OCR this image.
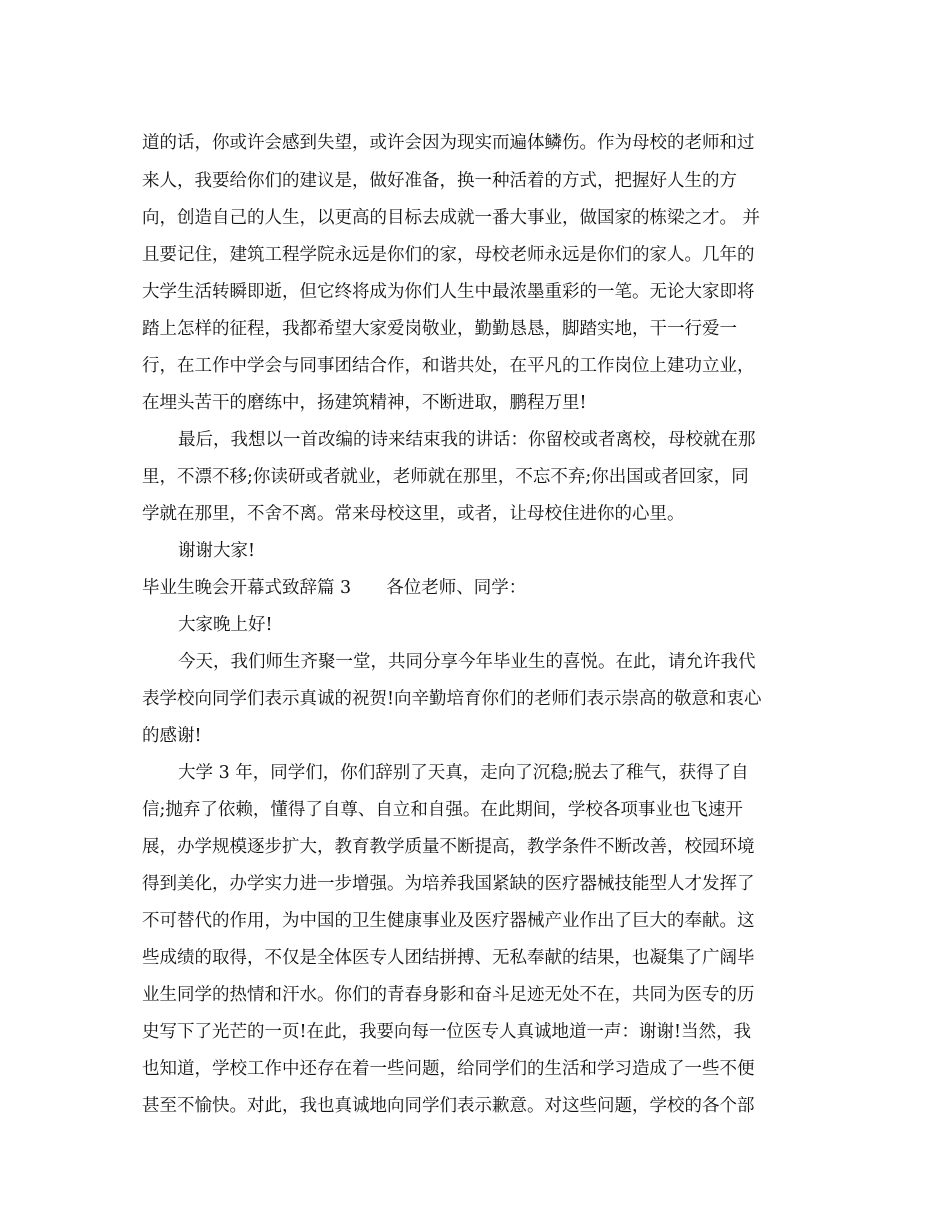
道的话，你或许会感到失望，或许会因为现实而遍体鳞伤。作为母校的老师和过
来人，我要给你们的建议是，做好准备，换一种活着的方式，把握好人生的方
向，创造自己的人生，以更高的目标去成就一番大事业，做国家的栋梁之才。 并
且要记住，建筑工程学院永远是你们的家，母校老师永远是你们的家人。几年的
大学生活转瞬即逝，但它终将成为你们人生中最浓墨重彩的一笔。无论大家即将
踏上怎样的征程，我都希望大家爱岗敬业，勤勤恳恳，脚踏实地，干一行爱一
行，在工作中学会与同事团结合作，和谐共处，在平凡的工作岗位上建功立业，
在埋头苦干的磨练中，扬建筑精神，不断进取，鹏程万里!
最后，我想以一首改编的诗来结束我的讲话：你留校或者离校，母校就在那
里，不漂不移;你读研或者就业，老师就在那里，不忘不弃;你出国或者回家，同
学就在那里，不舍不离。常来母校这里，或者，让母校住进你的心里。
谢谢大家!
毕业生晚会开幕式致辞篇 3　　各位老师、同学：
大家晚上好!
今天，我们师生齐聚一堂，共同分享今年毕业生的喜悦。在此，请允许我代
表学校向同学们表示真诚的祝贺!向辛勤培育你们的老师们表示崇高的敬意和衷心
的感谢!
大学 3 年，同学们，你们辞别了天真，走向了沉稳;脱去了稚气，获得了自
信;抛弃了依赖，懂得了自尊、自立和自强。在此期间，学校各项事业也飞速开
展，办学规模逐步扩大，教育教学质量不断提高，教学条件不断改善，校园环境
得到美化，办学实力进一步增强。为培养我国紧缺的医疗器械技能型人才发挥了
不可替代的作用，为中国的卫生健康事业及医疗器械产业作出了巨大的奉献。这
些成绩的取得，不仅是全体医专人团结拼搏、无私奉献的结果，也凝集了广阔毕
业生同学的热情和汗水。你们的青春身影和奋斗足迹无处不在，共同为医专的历
史写下了光芒的一页!在此，我要向每一位医专人真诚地道一声：谢谢!当然，我
也知道，学校工作中还存在着一些问题，给同学们的生活和学习造成了一些不便
甚至不愉快。对此，我也真诚地向同学们表示歉意。对这些问题，学校的各个部
